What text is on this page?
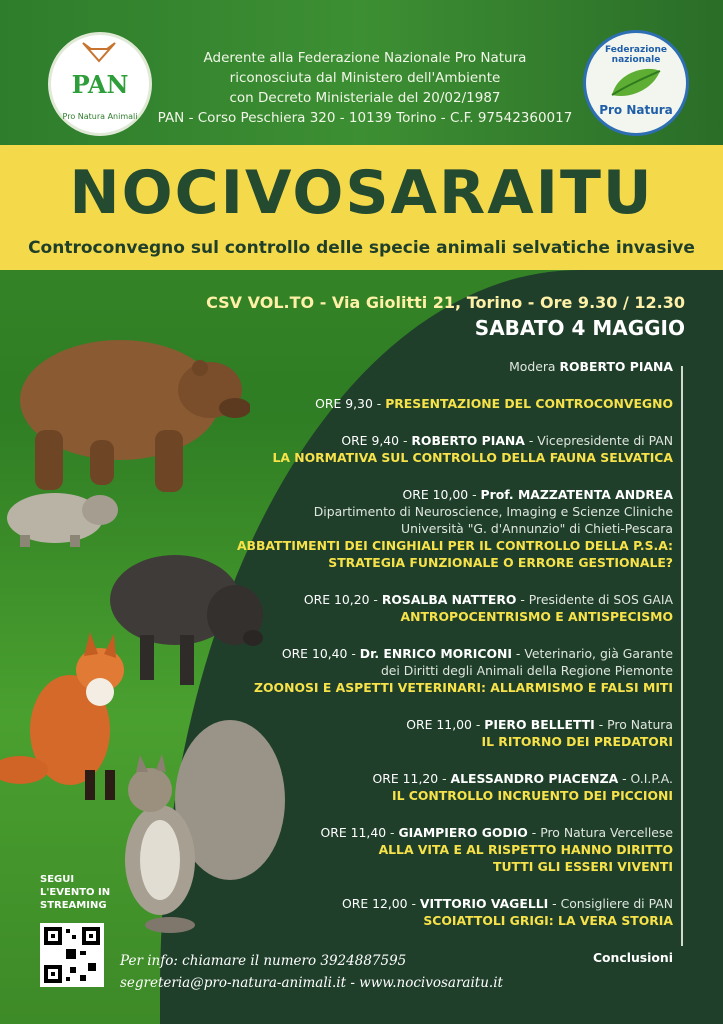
PAN
Pro Natura Animali
Federazione nazionale
Pro Natura
Aderente alla Federazione Nazionale Pro Natura
riconosciuta dal Ministero dell'Ambiente
con Decreto Ministeriale del 20/02/1987
PAN - Corso Peschiera 320 - 10139 Torino - C.F. 97542360017
NOCIVOSARAITU
Controconvegno sul controllo delle specie animali selvatiche invasive
CSV VOL.TO - Via Giolitti 21, Torino - Ore 9.30 / 12.30
SABATO 4 MAGGIO
Modera ROBERTO PIANA
ORE 9,30 - PRESENTAZIONE DEL CONTROCONVEGNO
ORE 9,40 - ROBERTO PIANA - Vicepresidente di PAN
LA NORMATIVA SUL CONTROLLO DELLA FAUNA SELVATICA
ORE 10,00 - Prof. MAZZATENTA ANDREA
Dipartimento di Neuroscience, Imaging e Scienze Cliniche
Università "G. d'Annunzio" di Chieti-Pescara
ABBATTIMENTI DEI CINGHIALI PER IL CONTROLLO DELLA P.S.A:
STRATEGIA FUNZIONALE O ERRORE GESTIONALE?
ORE 10,20 - ROSALBA NATTERO - Presidente di SOS GAIA
ANTROPOCENTRISMO E ANTISPECISMO
ORE 10,40 - Dr. ENRICO MORICONI - Veterinario, già Garante
dei Diritti degli Animali della Regione Piemonte
ZOONOSI E ASPETTI VETERINARI: ALLARMISMO E FALSI MITI
ORE 11,00 - PIERO BELLETTI - Pro Natura
IL RITORNO DEI PREDATORI
ORE 11,20 - ALESSANDRO PIACENZA - O.I.P.A.
IL CONTROLLO INCRUENTO DEI PICCIONI
ORE 11,40 - GIAMPIERO GODIO - Pro Natura Vercellese
ALLA VITA E AL RISPETTO HANNO DIRITTO
TUTTI GLI ESSERI VIVENTI
ORE 12,00 - VITTORIO VAGELLI - Consigliere di PAN
SCOIATTOLI GRIGI: LA VERA STORIA
Conclusioni
SEGUI
L'EVENTO IN
STREAMING
Per info: chiamare il numero 3924887595
segreteria@pro-natura-animali.it - www.nocivosaraitu.it
